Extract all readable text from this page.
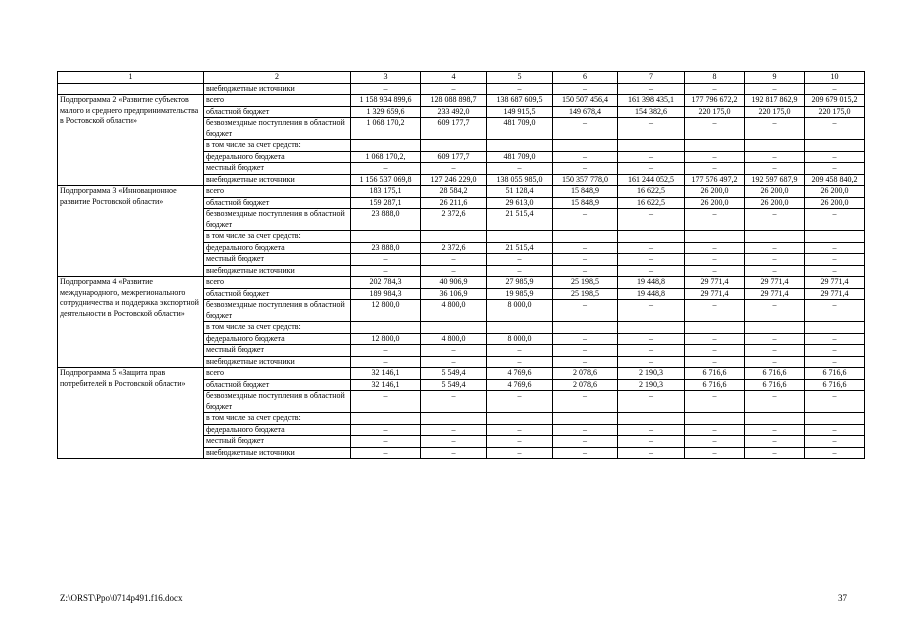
1	2	3	4	5	6	7	8	9	10
	внебюджетные источники	–	–	–	–	–	–	–	–
Подпрограмма 2 «Развитие субъектов малого и среднего предпринимательства в Ростовской области»	всего	1 158 934 899,6	128 088 898,7	138 687 609,5	150 507 456,4	161 398 435,1	177 796 672,2	192 817 862,9	209 679 015,2
	областной бюджет	1 329 659,6	233 492,0	149 915,5	149 678,4	154 382,6	220 175,0	220 175,0	220 175,0
	безвозмездные поступления в областной бюджет	1 068 170,2	609 177,7	481 709,0	–	–	–	–	–
	в том числе за счет средств:								
	федерального бюджета	1 068 170,2,	609 177,7	481 709,0	–	–	–	–	–
	местный бюджет	–	–	–	–	–	–	–	–
	внебюджетные источники	1 156 537 069,8	127 246 229,0	138 055 985,0	150 357 778,0	161 244 052,5	177 576 497,2	192 597 687,9	209 458 840,2
Подпрограмма 3 «Инновационное развитие Ростовской области»	всего	183 175,1	28 584,2	51 128,4	15 848,9	16 622,5	26 200,0	26 200,0	26 200,0
	областной бюджет	159 287,1	26 211,6	29 613,0	15 848,9	16 622,5	26 200,0	26 200,0	26 200,0
	безвозмездные поступления в областной бюджет	23 888,0	2 372,6	21 515,4	–	–	–	–	–
	в том числе за счет средств:								
	федерального бюджета	23 888,0	2 372,6	21 515,4	–	–	–	–	–
	местный бюджет	–	–	–	–	–	–	–	–
	внебюджетные источники	–	–	–	–	–	–	–	–
Подпрограмма 4 «Развитие международного, межрегионального сотрудничества и поддержка экспортной деятельности в Ростовской области»	всего	202 784,3	40 906,9	27 985,9	25 198,5	19 448,8	29 771,4	29 771,4	29 771,4
	областной бюджет	189 984,3	36 106,9	19 985,9	25 198,5	19 448,8	29 771,4	29 771,4	29 771,4
	безвозмездные поступления в областной бюджет	12 800,0	4 800,0	8 000,0	–	–	–	–	–
	в том числе за счет средств:								
	федерального бюджета	12 800,0	4 800,0	8 000,0	–	–	–	–	–
	местный бюджет	–	–	–	–	–	–	–	–
	внебюджетные источники	–	–	–	–	–	–	–	–
Подпрограмма 5 «Защита прав потребителей в Ростовской области»	всего	32 146,1	5 549,4	4 769,6	2 078,6	2 190,3	6 716,6	6 716,6	6 716,6
	областной бюджет	32 146,1	5 549,4	4 769,6	2 078,6	2 190,3	6 716,6	6 716,6	6 716,6
	безвозмездные поступления в областной бюджет	–	–	–	–	–	–	–	–
	в том числе за счет средств:								
	федерального бюджета	–	–	–	–	–	–	–	–
	местный бюджет	–	–	–	–	–	–	–	–
	внебюджетные источники	–	–	–	–	–	–	–	–
Z:\ORST\Ppo\0714p491.f16.docx	37
